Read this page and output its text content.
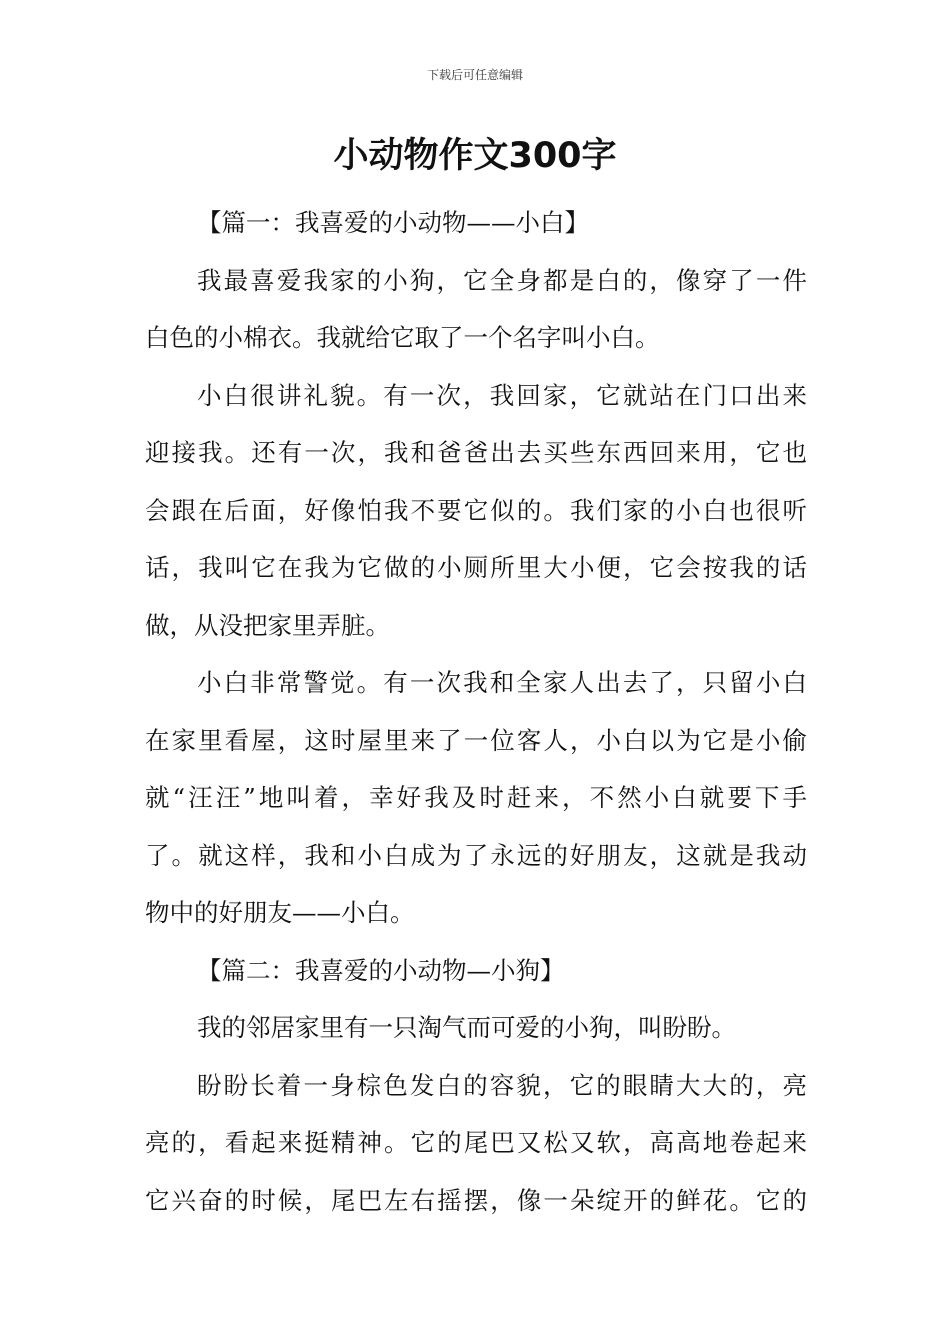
下载后可任意编辑
小动物作文300字
【篇一：我喜爱的小动物——小白】
我最喜爱我家的小狗，它全身都是白的，像穿了一件
白色的小棉衣。我就给它取了一个名字叫小白。
小白很讲礼貌。有一次，我回家，它就站在门口出来
迎接我。还有一次，我和爸爸出去买些东西回来用，它也
会跟在后面，好像怕我不要它似的。我们家的小白也很听
话，我叫它在我为它做的小厕所里大小便，它会按我的话
做，从没把家里弄脏。
小白非常警觉。有一次我和全家人出去了，只留小白
在家里看屋，这时屋里来了一位客人，小白以为它是小偷
就“汪汪”地叫着，幸好我及时赶来，不然小白就要下手
了。就这样，我和小白成为了永远的好朋友，这就是我动
物中的好朋友——小白。
【篇二：我喜爱的小动物—小狗】
我的邻居家里有一只淘气而可爱的小狗，叫盼盼。
盼盼长着一身棕色发白的容貌，它的眼睛大大的，亮
亮的，看起来挺精神。它的尾巴又松又软，高高地卷起来
它兴奋的时候，尾巴左右摇摆，像一朵绽开的鲜花。它的
